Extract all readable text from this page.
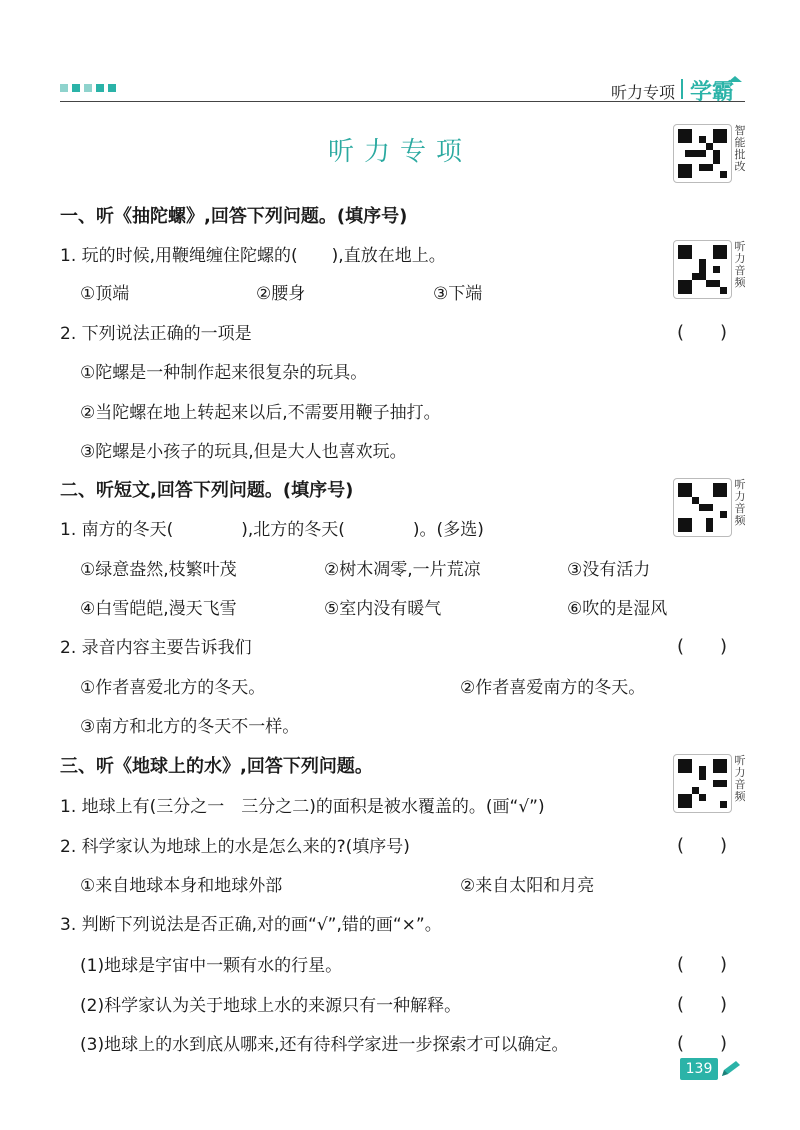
听力专项 学霸
听力专项
智能批改
听力音频
听力音频
听力音频
一、听《抽陀螺》,回答下列问题。(填序号)
1. 玩的时候,用鞭绳缠住陀螺的(　　),直放在地上。
①顶端	②腰身	③下端
2. 下列说法正确的一项是	(　　)
①陀螺是一种制作起来很复杂的玩具。
②当陀螺在地上转起来以后,不需要用鞭子抽打。
③陀螺是小孩子的玩具,但是大人也喜欢玩。
二、听短文,回答下列问题。(填序号)
1. 南方的冬天(　　　　),北方的冬天(　　　　)。(多选)
①绿意盎然,枝繁叶茂	②树木凋零,一片荒凉	③没有活力
④白雪皑皑,漫天飞雪	⑤室内没有暖气	⑥吹的是湿风
2. 录音内容主要告诉我们	(　　)
①作者喜爱北方的冬天。	②作者喜爱南方的冬天。
③南方和北方的冬天不一样。
三、听《地球上的水》,回答下列问题。
1. 地球上有(三分之一　三分之二)的面积是被水覆盖的。(画“√”)
2. 科学家认为地球上的水是怎么来的?(填序号)	(　　)
①来自地球本身和地球外部	②来自太阳和月亮
3. 判断下列说法是否正确,对的画“√”,错的画“×”。
(1)地球是宇宙中一颗有水的行星。	(　　)
(2)科学家认为关于地球上水的来源只有一种解释。	(　　)
(3)地球上的水到底从哪来,还有待科学家进一步探索才可以确定。	(　　)
139
